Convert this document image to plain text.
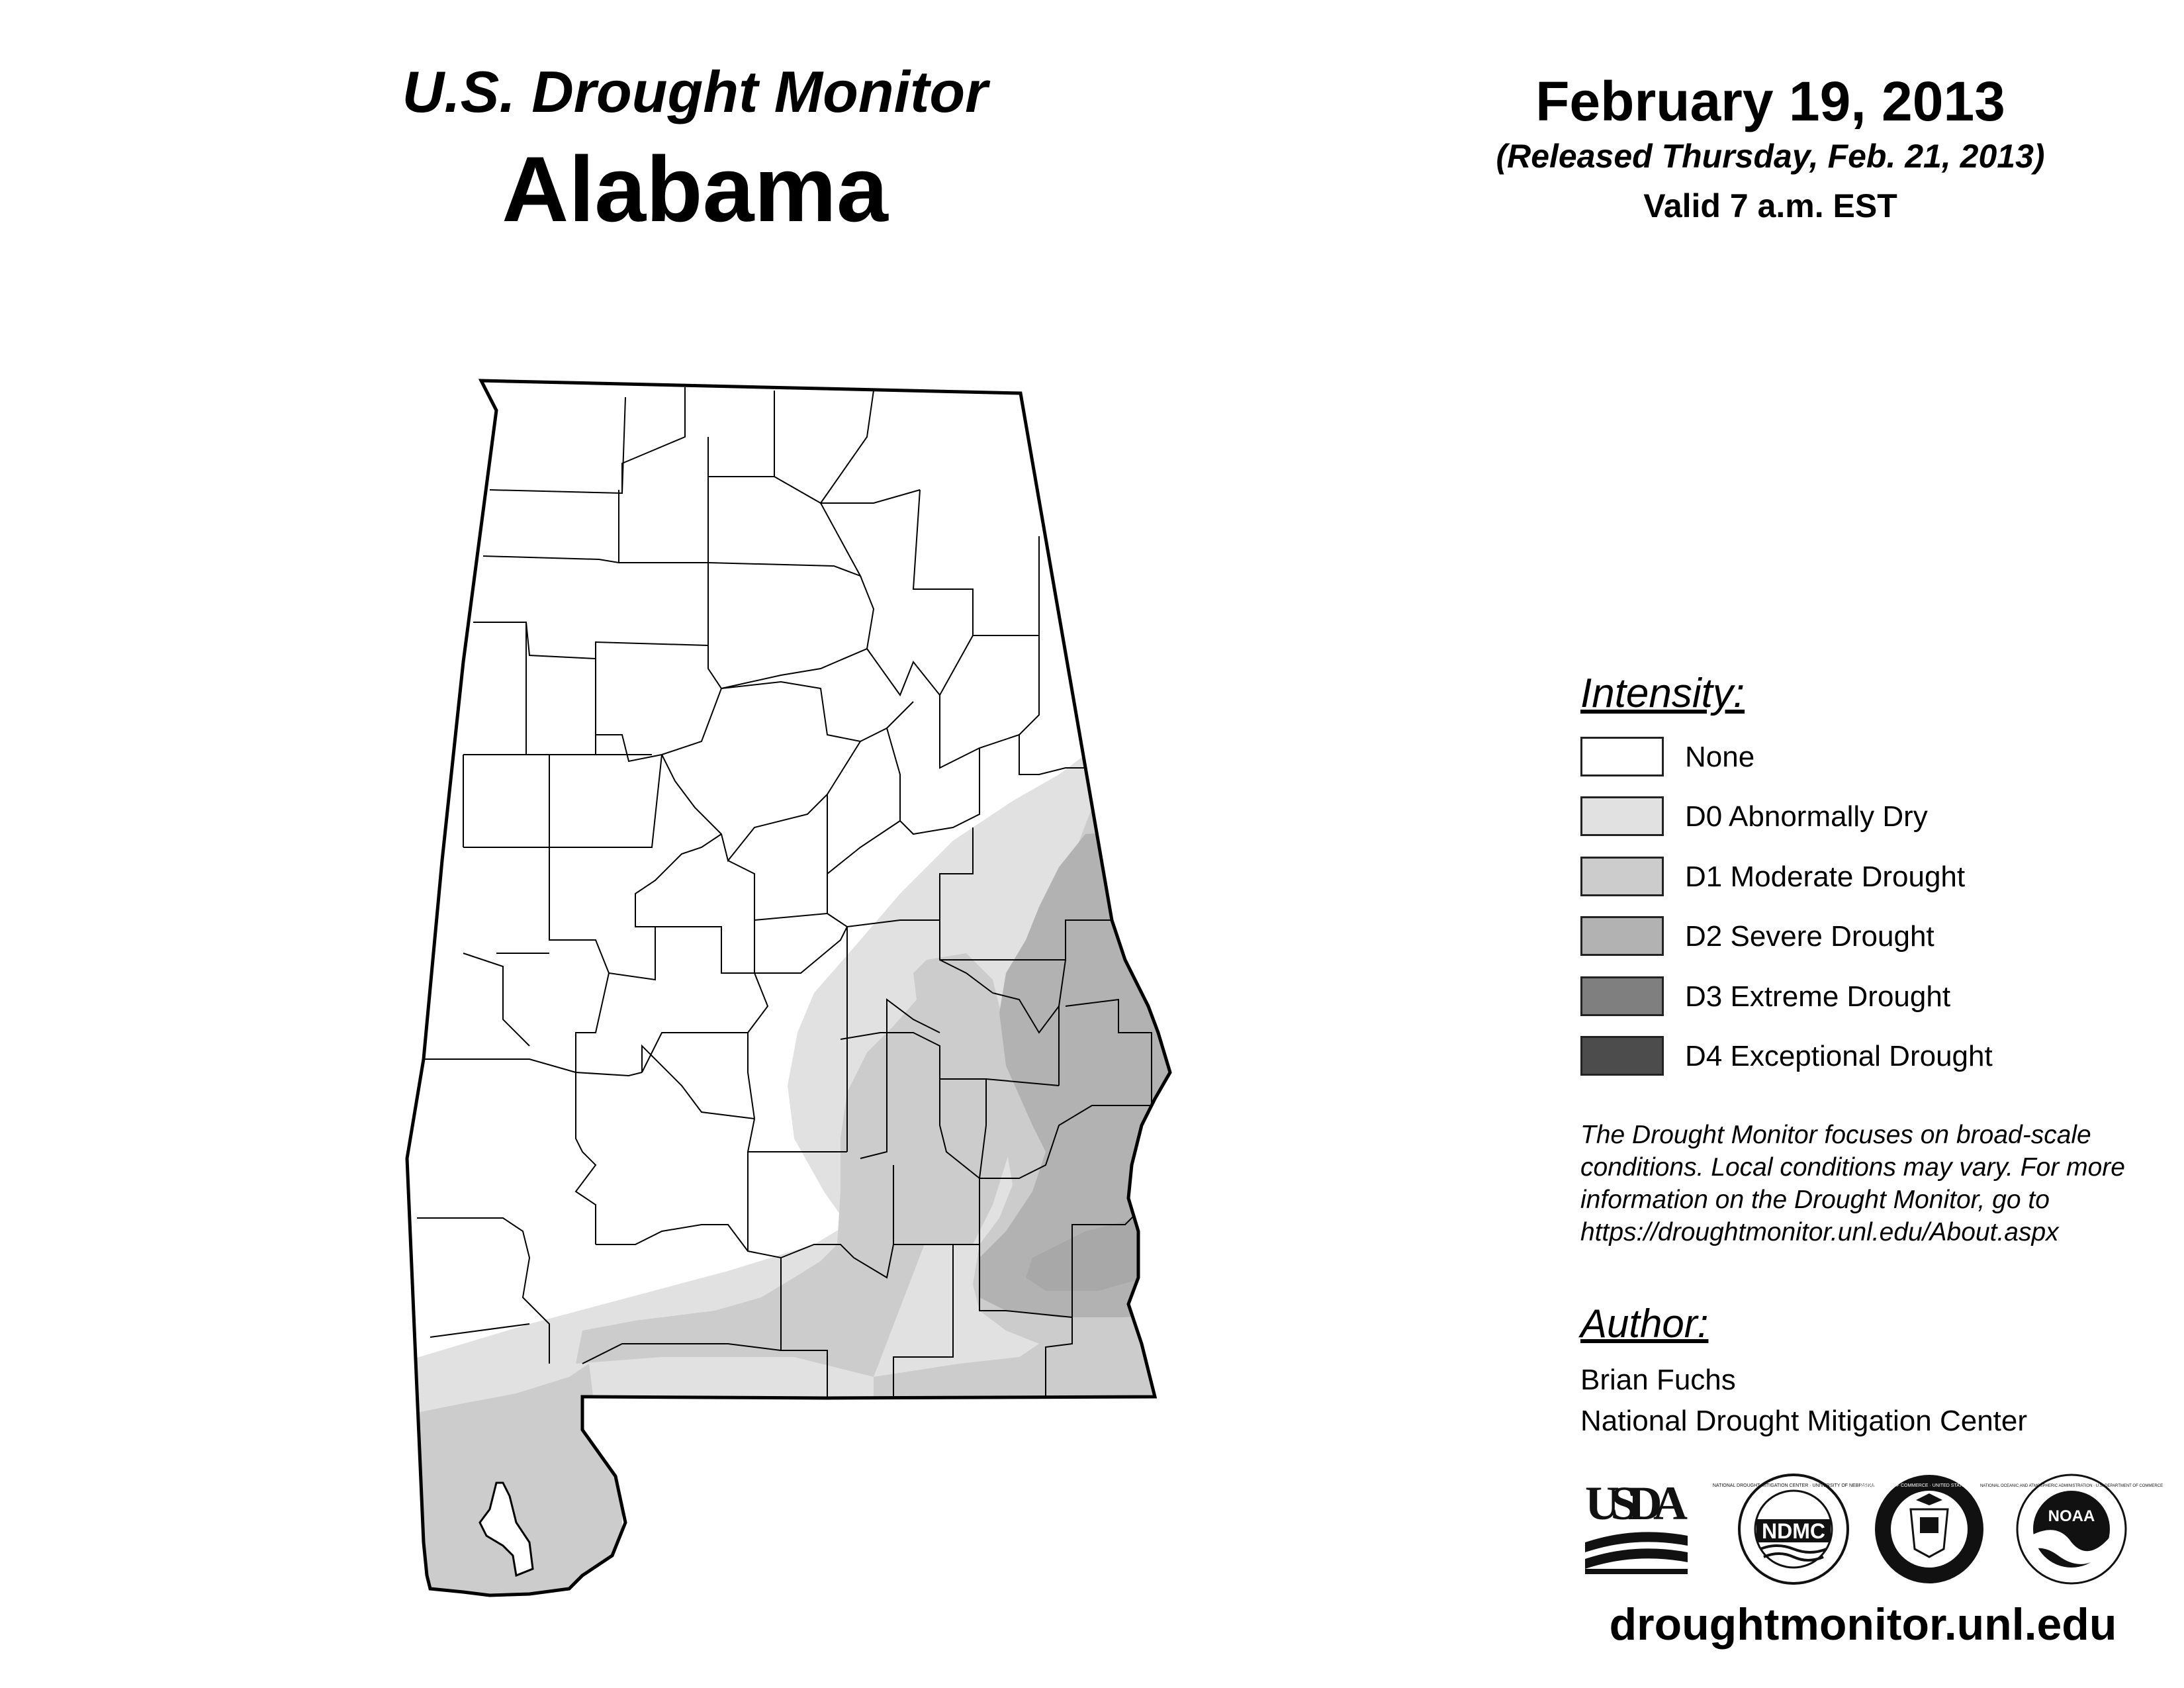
U.S. Drought Monitor
Alabama
February 19, 2013
(Released Thursday, Feb. 21, 2013)
Valid 7 a.m. EST
Intensity:
None
D0 Abnormally Dry
D1 Moderate Drought
D2 Severe Drought
D3 Extreme Drought
D4 Exceptional Drought
The Drought Monitor focuses on broad-scale
conditions. Local conditions may vary. For more
information on the Drought Monitor, go to
https://droughtmonitor.unl.edu/About.aspx
Author:
Brian Fuchs
National Drought Mitigation Center
USDA
NDMC
NATIONAL DROUGHT MITIGATION CENTER · UNIVERSITY OF NEBRASKA
DEPARTMENT OF COMMERCE · UNITED STATES OF AMERICA
NOAA
NATIONAL OCEANIC AND ATMOSPHERIC ADMINISTRATION · U.S. DEPARTMENT OF COMMERCE
droughtmonitor.unl.edu
